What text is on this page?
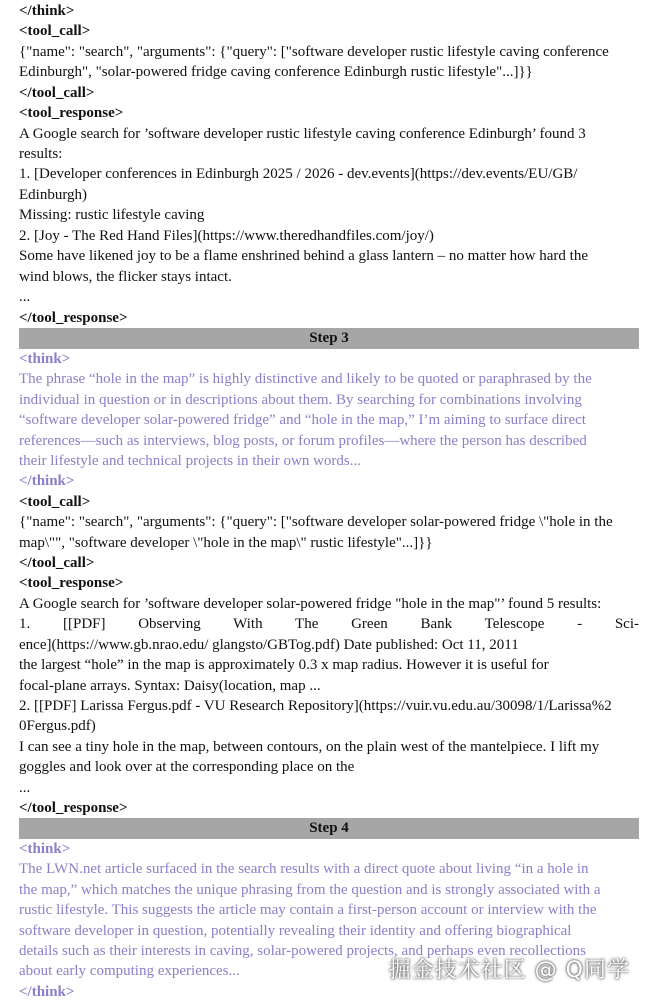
</think>
<tool_call>
{"name": "search", "arguments": {"query": ["software developer rustic lifestyle caving conference
Edinburgh", "solar-powered fridge caving conference Edinburgh rustic lifestyle"...]}}
</tool_call>
<tool_response>
A Google search for ’software developer rustic lifestyle caving conference Edinburgh’ found 3
results:
1. [Developer conferences in Edinburgh 2025 / 2026 - dev.events](https://dev.events/EU/GB/
Edinburgh)
Missing: rustic lifestyle caving
2. [Joy - The Red Hand Files](https://www.theredhandfiles.com/joy/)
Some have likened joy to be a flame enshrined behind a glass lantern – no matter how hard the
wind blows, the flicker stays intact.
...
</tool_response>
Step 3
<think>
The phrase “hole in the map” is highly distinctive and likely to be quoted or paraphrased by the
individual in question or in descriptions about them. By searching for combinations involving
“software developer solar-powered fridge” and “hole in the map,” I’m aiming to surface direct
references—such as interviews, blog posts, or forum profiles—where the person has described
their lifestyle and technical projects in their own words...
</think>
<tool_call>
{"name": "search", "arguments": {"query": ["software developer solar-powered fridge \"hole in the
map\"", "software developer \"hole in the map\" rustic lifestyle"...]}}
</tool_call>
<tool_response>
A Google search for ’software developer solar-powered fridge "hole in the map"’ found 5 results:
1. [[PDF] Observing With The Green Bank Telescope - Sci-
ence](https://www.gb.nrao.edu/ glangsto/GBTog.pdf) Date published: Oct 11, 2011
the largest “hole” in the map is approximately 0.3 x map radius. However it is useful for
focal-plane arrays. Syntax: Daisy(location, map ...
2. [[PDF] Larissa Fergus.pdf - VU Research Repository](https://vuir.vu.edu.au/30098/1/Larissa%2
0Fergus.pdf)
I can see a tiny hole in the map, between contours, on the plain west of the mantelpiece. I lift my
goggles and look over at the corresponding place on the
...
</tool_response>
Step 4
<think>
The LWN.net article surfaced in the search results with a direct quote about living “in a hole in
the map,” which matches the unique phrasing from the question and is strongly associated with a
rustic lifestyle. This suggests the article may contain a first-person account or interview with the
software developer in question, potentially revealing their identity and offering biographical
details such as their interests in caving, solar-powered projects, and perhaps even recollections
about early computing experiences...
</think>
掘金技术社区 @ Q同学
